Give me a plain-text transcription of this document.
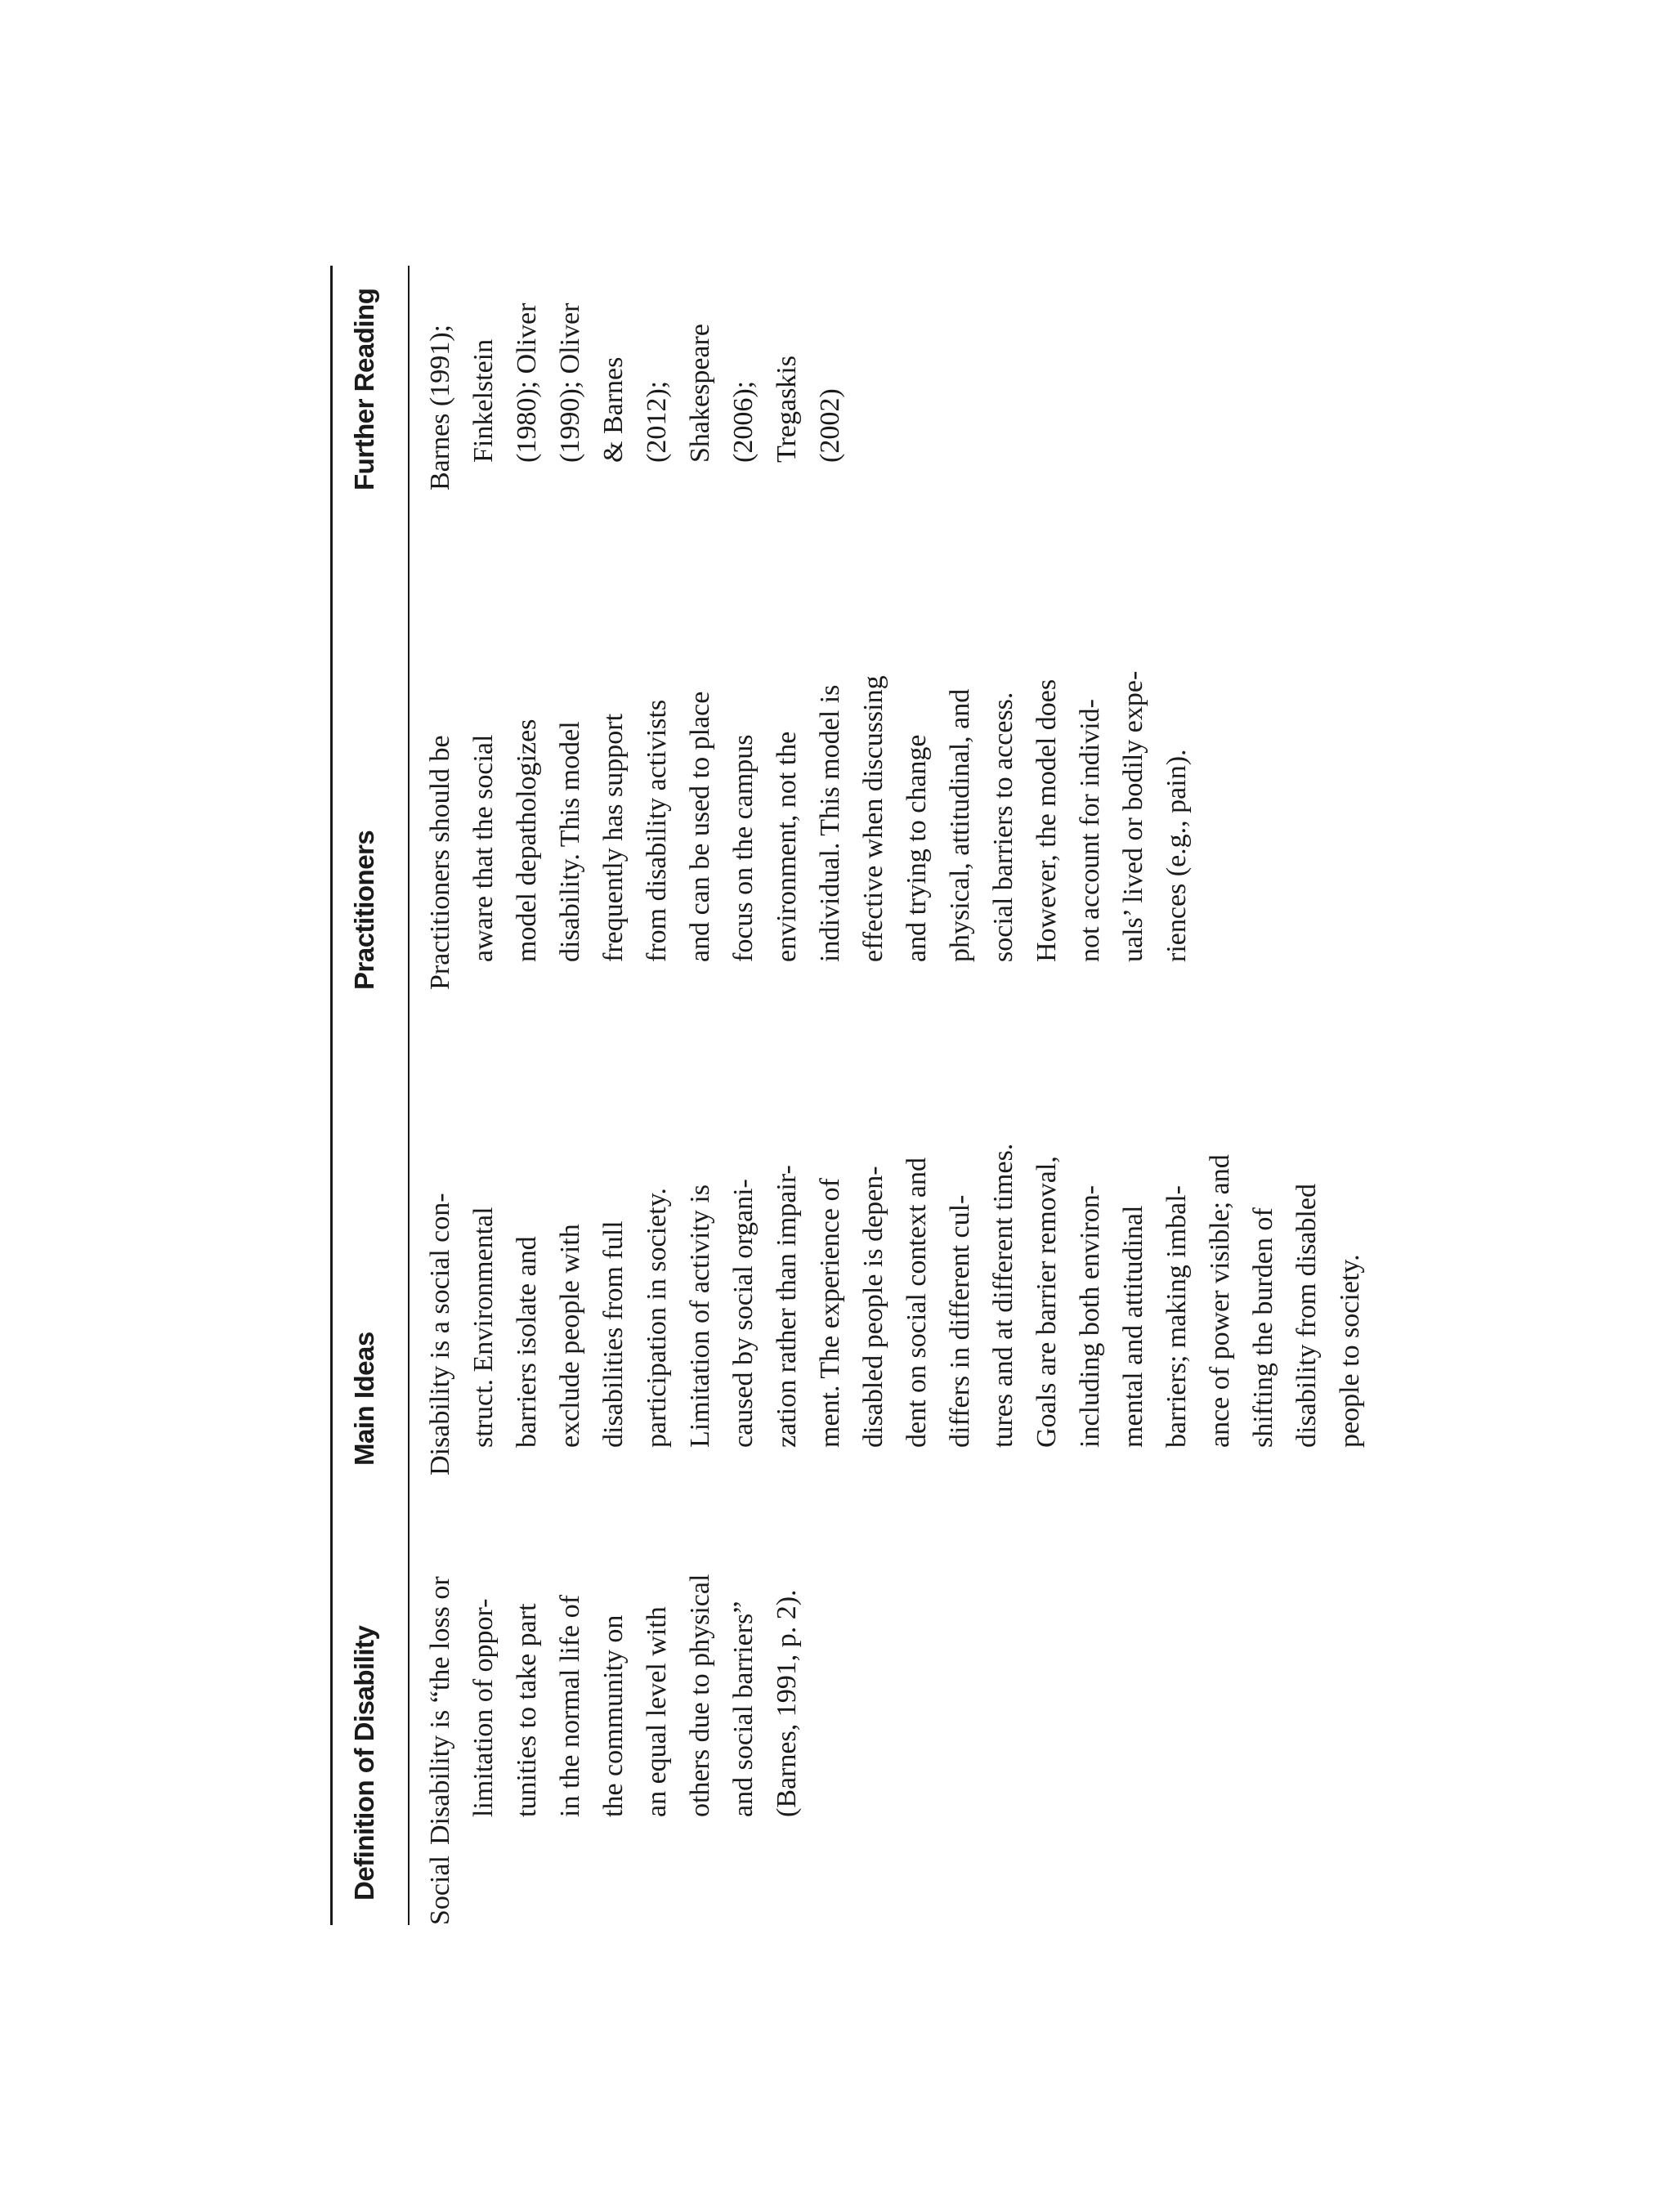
Definition of Disability
Main Ideas
Practitioners
Further Reading
Social
Disability is “the loss or limitation of oppor- tunities to take part in the normal life of the community on an equal level with others due to physical and social barriers” (Barnes, 1991, p. 2).
Disability is a social con- struct. Environmental barriers isolate and exclude people with disabilities from full participation in society. Limitation of activity is caused by social organi- zation rather than impair- ment. The experience of disabled people is depen- dent on social context and differs in different cul- tures and at different times. Goals are barrier removal, including both environ- mental and attitudinal barriers; making imbal- ance of power visible; and shifting the burden of disability from disabled people to society.
Practitioners should be aware that the social model depathologizes disability. This model frequently has support from disability activists and can be used to place focus on the campus environment, not the individual. This model is effective when discussing and trying to change physical, attitudinal, and social barriers to access. However, the model does not account for individ- uals’ lived or bodily expe- riences (e.g., pain).
Barnes (1991); Finkelstein (1980); Oliver (1990); Oliver & Barnes (2012); Shakespeare (2006); Tregaskis (2002)
